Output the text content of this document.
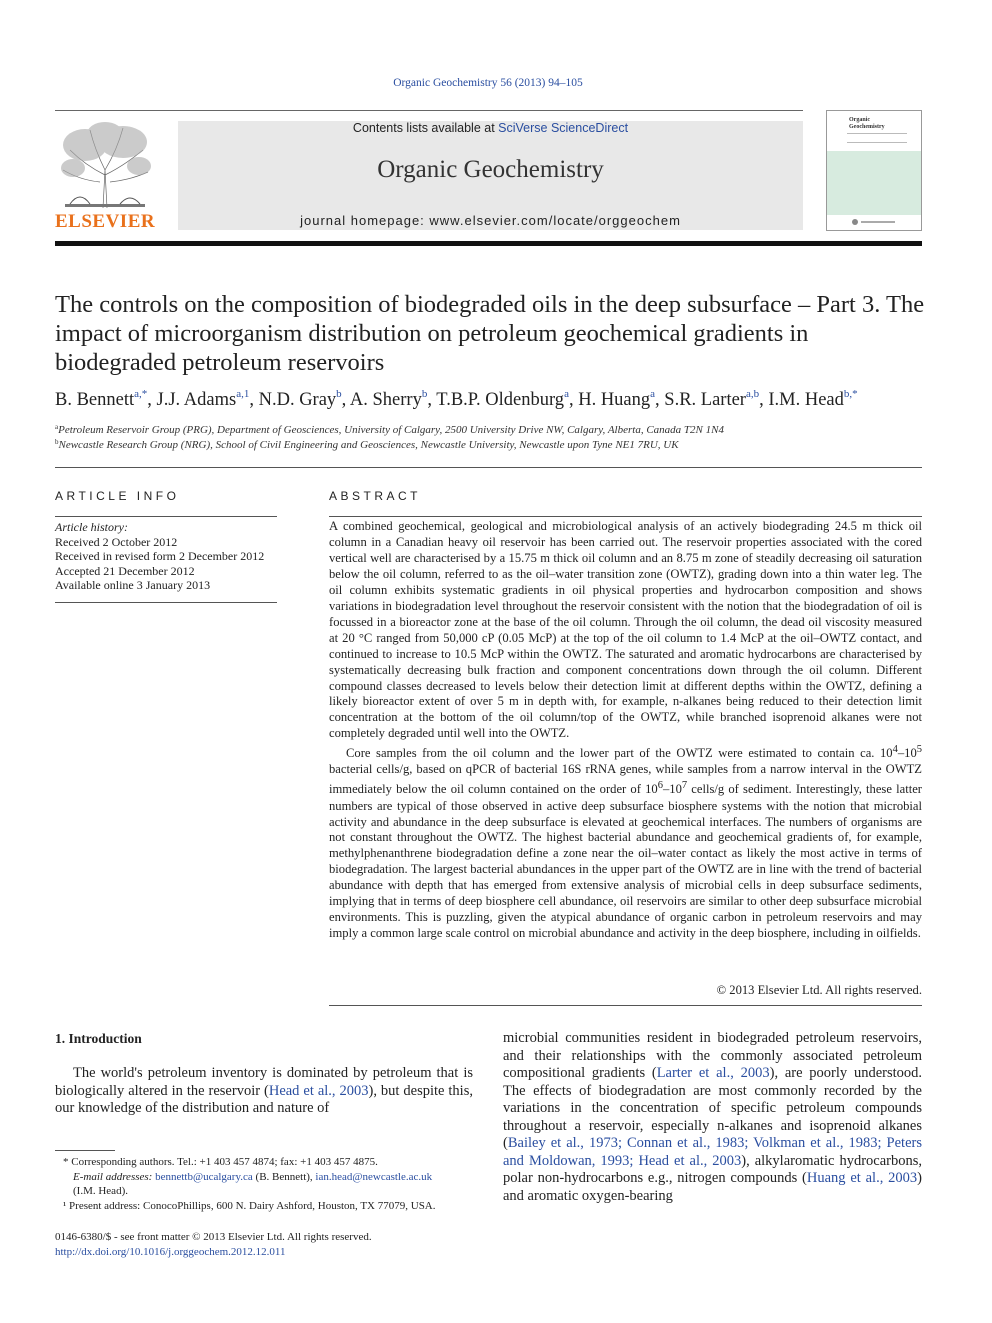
Organic Geochemistry 56 (2013) 94–105
ELSEVIER
Contents lists available at SciVerse ScienceDirect
Organic Geochemistry
journal homepage: www.elsevier.com/locate/orggeochem
Organic
Geochemistry
The controls on the composition of biodegraded oils in the deep subsurface – Part 3. The impact of microorganism distribution on petroleum geochemical gradients in biodegraded petroleum reservoirs
B. Bennett$^{a,*}$, J.J. Adams$^{a,1}$, N.D. Gray$^b$, A. Sherry$^b$, T.B.P. Oldenburg$^a$, H. Huang$^a$, S.R. Larter$^{a,b}$, I.M. Head$^{b,*}$
$^a$Petroleum Reservoir Group (PRG), Department of Geosciences, University of Calgary, 2500 University Drive NW, Calgary, Alberta, Canada T2N 1N4
$^b$Newcastle Research Group (NRG), School of Civil Engineering and Geosciences, Newcastle University, Newcastle upon Tyne NE1 7RU, UK
ARTICLE INFO
Article history:
Received 2 October 2012
Received in revised form 2 December 2012
Accepted 21 December 2012
Available online 3 January 2013
ABSTRACT

A combined geochemical, geological and microbiological analysis of an actively biodegrading 24.5 m thick oil column in a Canadian heavy oil reservoir has been carried out. The reservoir properties associated with the cored vertical well are characterised by a 15.75 m thick oil column and an 8.75 m zone of steadily decreasing oil saturation below the oil column, referred to as the oil–water transition zone (OWTZ), grading down into a thin water leg. The oil column exhibits systematic gradients in oil physical properties and hydrocarbon composition and shows variations in biodegradation level throughout the reservoir consistent with the notion that the biodegradation of oil is focussed in a bioreactor zone at the base of the oil column. Through the oil column, the dead oil viscosity measured at 20 °C ranged from 50,000 cP (0.05 McP) at the top of the oil column to 1.4 McP at the oil–OWTZ contact, and continued to increase to 10.5 McP within the OWTZ. The saturated and aromatic hydrocarbons are characterised by systematically decreasing bulk fraction and component concentrations down through the oil column. Different compound classes decreased to levels below their detection limit at different depths within the OWTZ, defining a likely bioreactor extent of over 5 m in depth with, for example, n-alkanes being reduced to their detection limit concentration at the bottom of the oil column/top of the OWTZ, while branched isoprenoid alkanes were not completely degraded until well into the OWTZ.

Core samples from the oil column and the lower part of the OWTZ were estimated to contain ca. $10^4-10^5$ bacterial cells/g, based on qPCR of bacterial 16S rRNA genes, while samples from a narrow interval in the OWTZ immediately below the oil column contained on the order of $10^6-10^7$ cells/g of sediment. Interestingly, these latter numbers are typical of those observed in active deep subsurface biosphere systems with the notion that microbial activity and abundance in the deep subsurface is elevated at geochemical interfaces. The numbers of organisms are not constant throughout the OWTZ. The highest bacterial abundance and geochemical gradients of, for example, methylphenanthrene biodegradation define a zone near the oil–water contact as likely the most active in terms of biodegradation. The largest bacterial abundances in the upper part of the OWTZ are in line with the trend of bacterial abundance with depth that has emerged from extensive analysis of microbial cells in deep subsurface sediments, implying that in terms of deep biosphere cell abundance, oil reservoirs are similar to other deep subsurface microbial environments. This is puzzling, given the atypical abundance of organic carbon in petroleum reservoirs and may imply a common large scale control on microbial abundance and activity in the deep biosphere, including in oilfields.

© 2013 Elsevier Ltd. All rights reserved.
1. Introduction
The world's petroleum inventory is dominated by petroleum that is biologically altered in the reservoir (Head et al., 2003), but despite this, our knowledge of the distribution and nature of
microbial communities resident in biodegraded petroleum reservoirs, and their relationships with the commonly associated petroleum compositional gradients (Larter et al., 2003), are poorly understood. The effects of biodegradation are most commonly recorded by the variations in the concentration of specific petroleum compounds throughout a reservoir, especially n-alkanes and isoprenoid alkanes (Bailey et al., 1973; Connan et al., 1983; Volkman et al., 1983; Peters and Moldowan, 1993; Head et al., 2003), alkylaromatic hydrocarbons, polar non-hydrocarbons e.g., nitrogen compounds (Huang et al., 2003) and aromatic oxygen-bearing
* Corresponding authors. Tel.: +1 403 457 4874; fax: +1 403 457 4875.
E-mail addresses: bennettb@ucalgary.ca (B. Bennett), ian.head@newcastle.ac.uk
(I.M. Head).
¹ Present address: ConocoPhillips, 600 N. Dairy Ashford, Houston, TX 77079, USA.
0146-6380/$ - see front matter © 2013 Elsevier Ltd. All rights reserved.
http://dx.doi.org/10.1016/j.orggeochem.2012.12.011
